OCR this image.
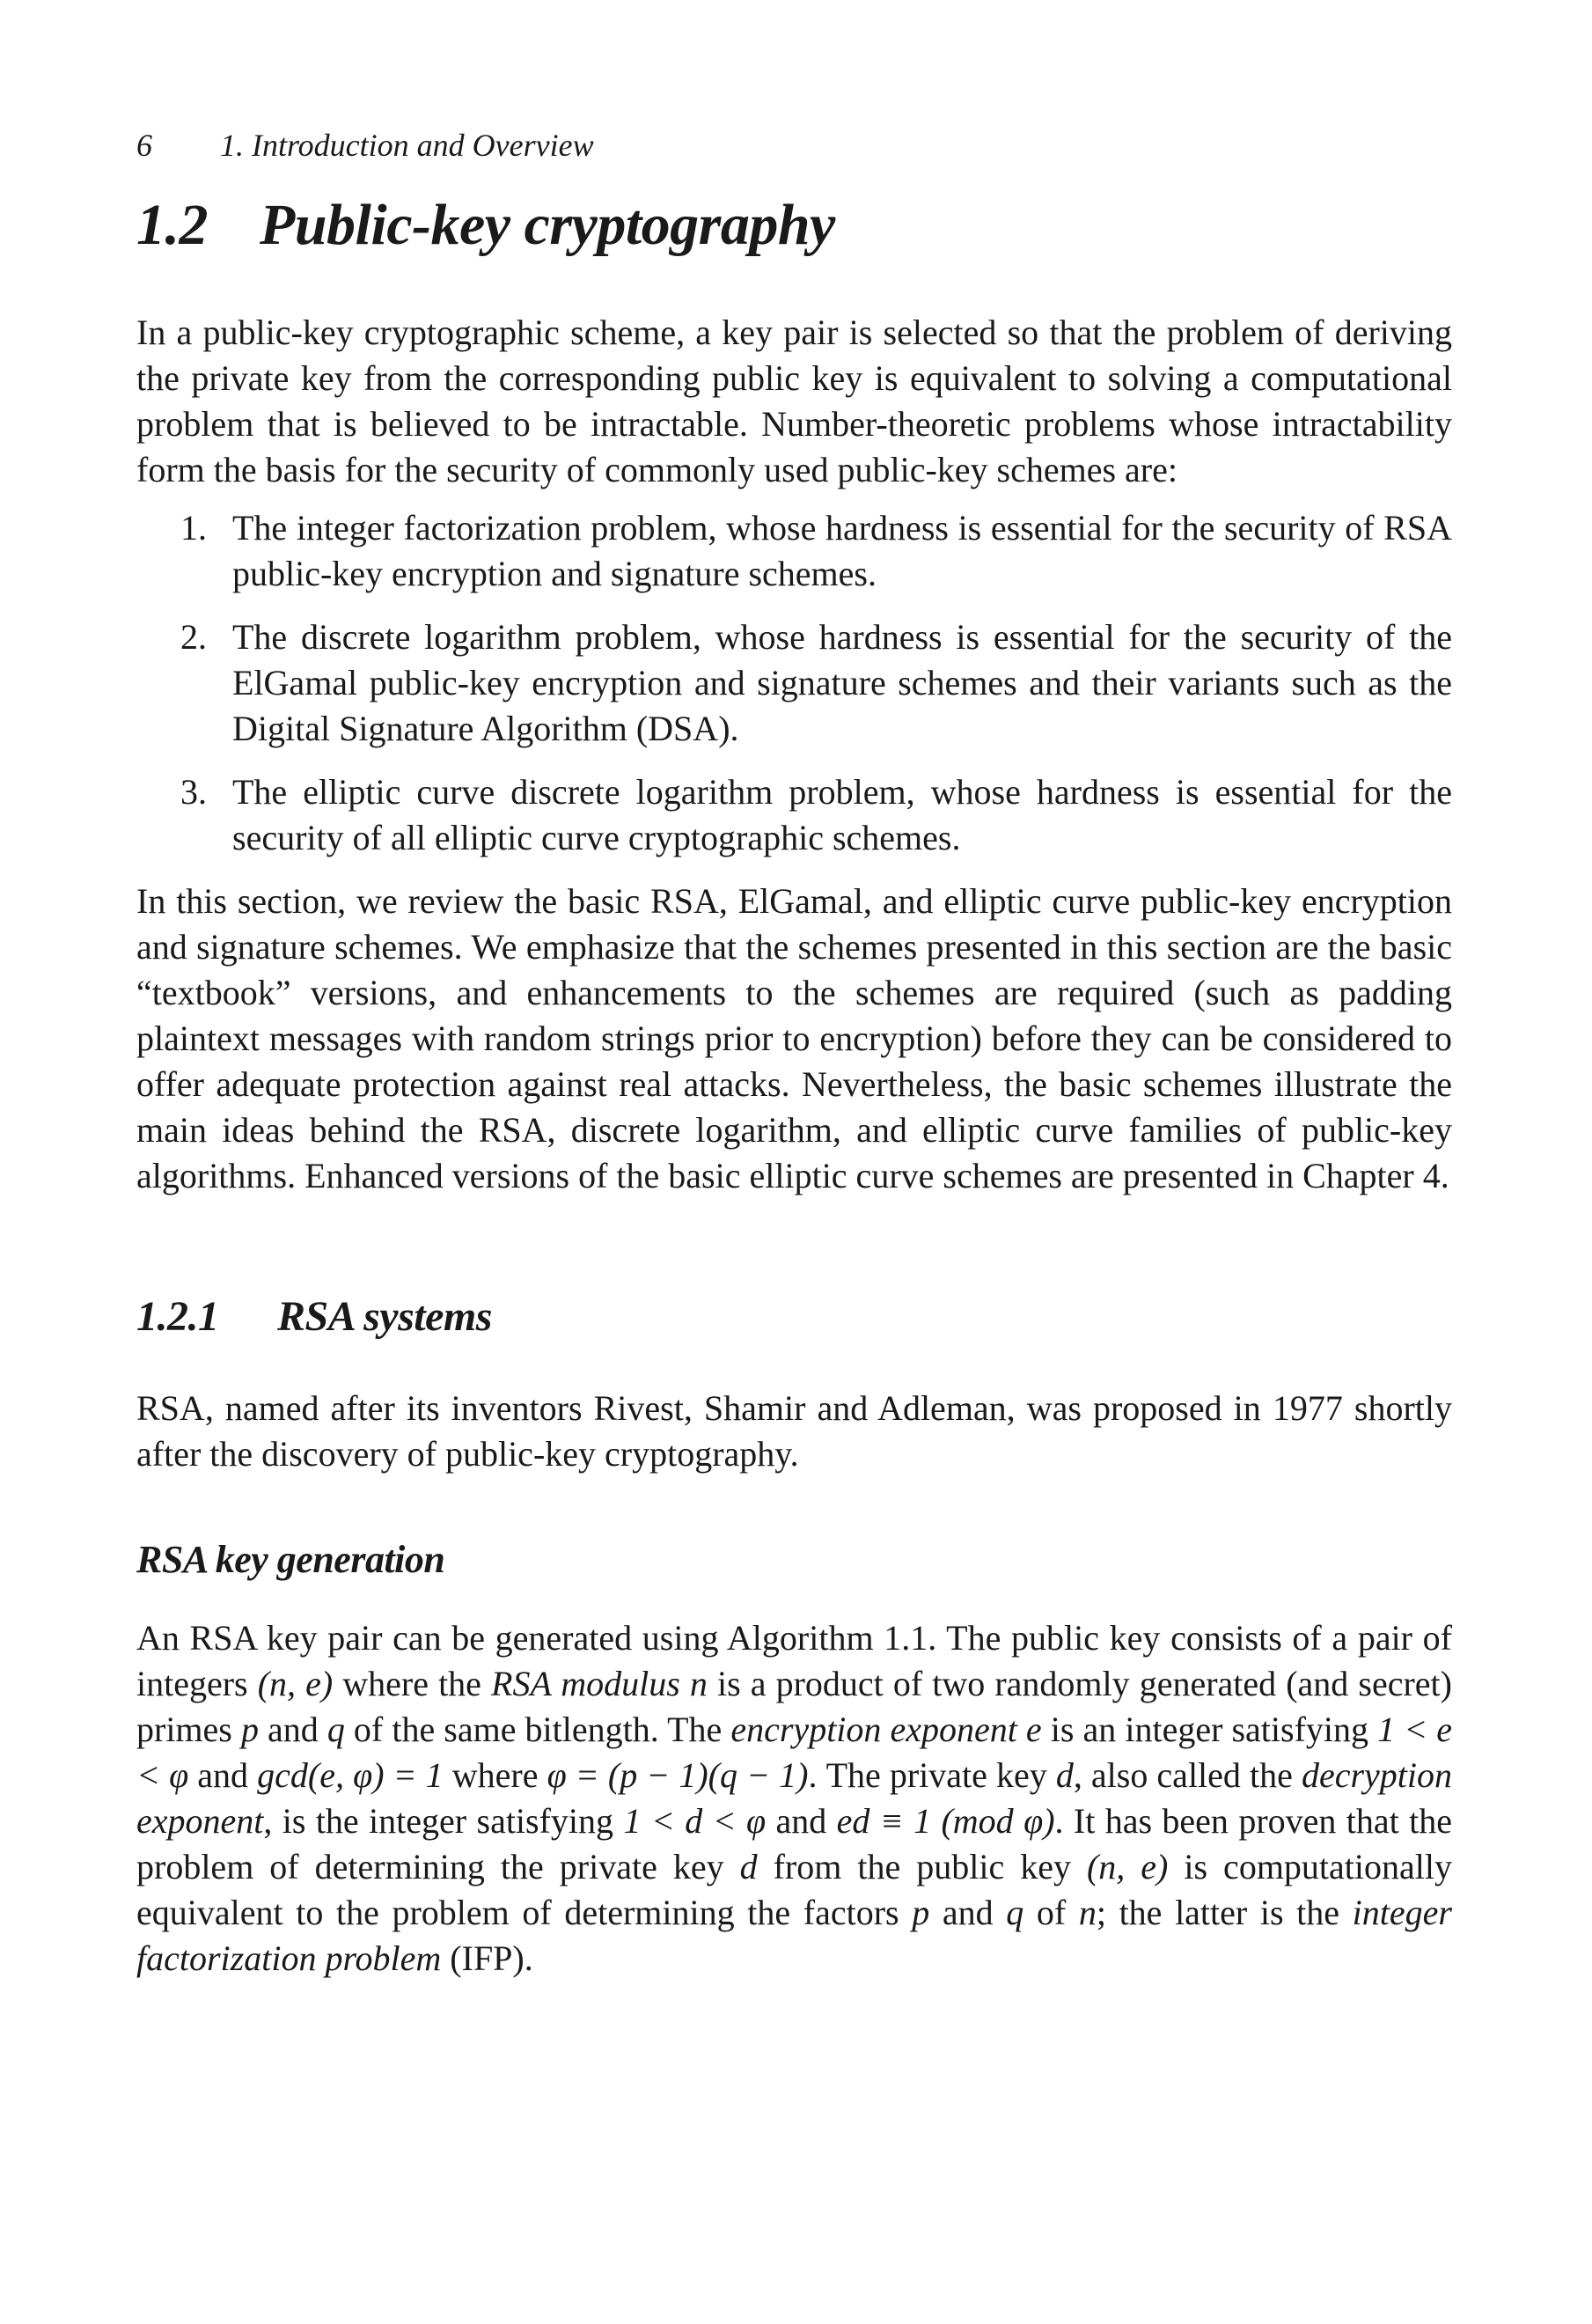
6 1. Introduction and Overview
1.2 Public-key cryptography

In a public-key cryptographic scheme, a key pair is selected so that the problem of deriving the private key from the corresponding public key is equivalent to solving a computational problem that is believed to be intractable. Number-theoretic problems whose intractability form the basis for the security of commonly used public-key schemes are:

1. The integer factorization problem, whose hardness is essential for the security of RSA public-key encryption and signature schemes.
2. The discrete logarithm problem, whose hardness is essential for the security of the ElGamal public-key encryption and signature schemes and their variants such as the Digital Signature Algorithm (DSA).
3. The elliptic curve discrete logarithm problem, whose hardness is essential for the security of all elliptic curve cryptographic schemes.

In this section, we review the basic RSA, ElGamal, and elliptic curve public-key encryption and signature schemes. We emphasize that the schemes presented in this section are the basic “textbook” versions, and enhancements to the schemes are required (such as padding plaintext messages with random strings prior to encryption) before they can be considered to offer adequate protection against real attacks. Nevertheless, the basic schemes illustrate the main ideas behind the RSA, discrete logarithm, and elliptic curve families of public-key algorithms. Enhanced versions of the basic elliptic curve schemes are presented in Chapter 4.

1.2.1 RSA systems

RSA, named after its inventors Rivest, Shamir and Adleman, was proposed in 1977 shortly after the discovery of public-key cryptography.

RSA key generation

An RSA key pair can be generated using Algorithm 1.1. The public key consists of a pair of integers (n, e) where the RSA modulus n is a product of two randomly generated (and secret) primes p and q of the same bitlength. The encryption exponent e is an integer satisfying 1 < e < φ and gcd(e, φ) = 1 where φ = (p − 1)(q − 1). The private key d, also called the decryption exponent, is the integer satisfying 1 < d < φ and ed ≡ 1 (mod φ). It has been proven that the problem of determining the private key d from the public key (n, e) is computationally equivalent to the problem of determining the factors p and q of n; the latter is the integer factorization problem (IFP).
